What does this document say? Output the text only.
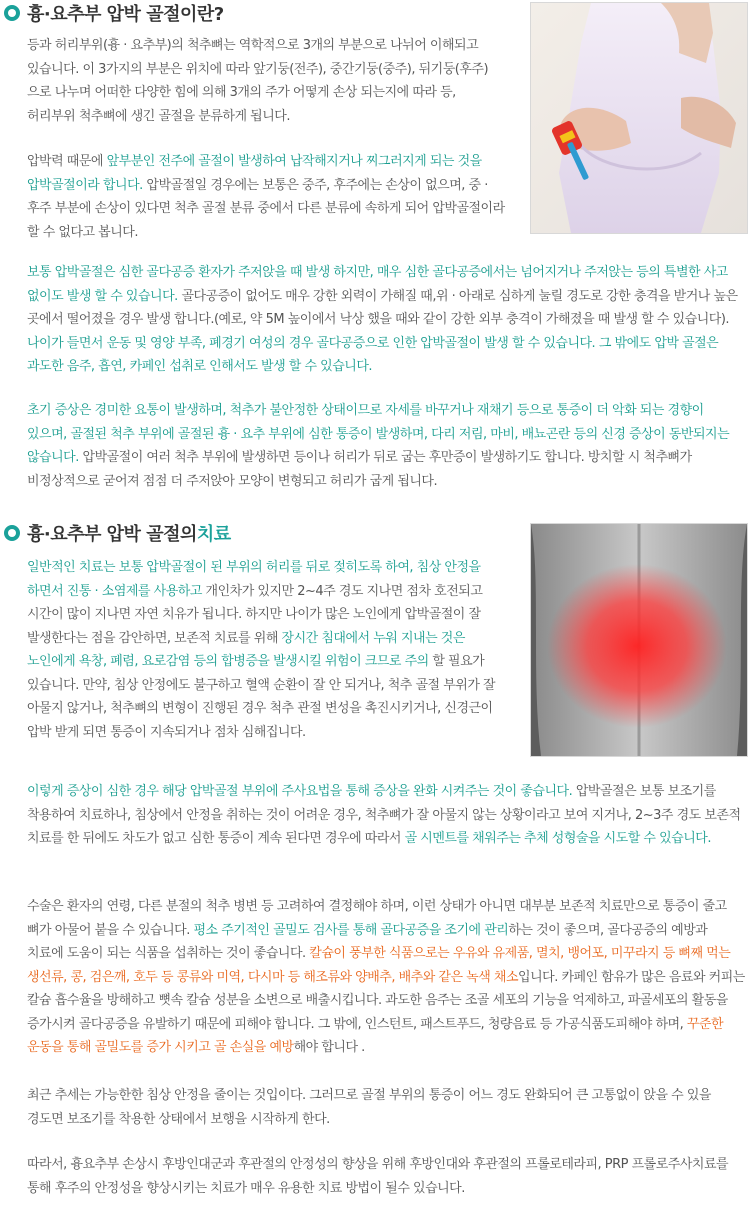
흉·요추부 압박 골절이란?

등과 허리부위(흉 · 요추부)의 척추뼈는 역학적으로 3개의 부분으로 나뉘어 이해되고 있습니다. 이 3가지의 부분은 위치에 따라 앞기둥(전주), 중간기둥(중주), 뒤기둥(후주)으로 나누며 어떠한 다양한 힘에 의해 3개의 주가 어떻게 손상 되는지에 따라 등, 허리부위 척추뼈에 생긴 골절을 분류하게 됩니다.

압박력 때문에 앞부분인 전주에 골절이 발생하여 납작해지거나 찌그러지게 되는 것을 압박골절이라 합니다. 압박골절일 경우에는 보통은 중주, 후주에는 손상이 없으며, 중 · 후주 부분에 손상이 있다면 척추 골절 분류 중에서 다른 분류에 속하게 되어 압박골절이라 할 수 없다고 봅니다.

보통 압박골절은 심한 골다공증 환자가 주저앉을 때 발생 하지만, 매우 심한 골다공증에서는 넘어지거나 주저앉는 등의 특별한 사고 없이도 발생 할 수 있습니다. 골다공증이 없어도 매우 강한 외력이 가해질 때,위 · 아래로 심하게 눌릴 경도로 강한 충격을 받거나 높은 곳에서 떨어졌을 경우 발생 합니다.(예로, 약 5M 높이에서 낙상 했을 때와 같이 강한 외부 충격이 가해졌을 때 발생 할 수 있습니다). 나이가 들면서 운동 및 영양 부족, 폐경기 여성의 경우 골다공증으로 인한 압박골절이 발생 할 수 있습니다. 그 밖에도 압박 골절은 과도한 음주, 흡연, 카페인 섭취로 인해서도 발생 할 수 있습니다.

초기 증상은 경미한 요통이 발생하며, 척추가 불안정한 상태이므로 자세를 바꾸거나 재채기 등으로 통증이 더 악화 되는 경향이 있으며, 골절된 척추 부위에 골절된 흉 · 요추 부위에 심한 통증이 발생하며, 다리 저림, 마비, 배뇨곤란 등의 신경 증상이 동반되지는 않습니다. 압박골절이 여러 척추 부위에 발생하면 등이나 허리가 뒤로 굽는 후만증이 발생하기도 합니다. 방치할 시 척추뼈가 비정상적으로 굳어져 점점 더 주저앉아 모양이 변형되고 허리가 굽게 됩니다.

흉·요추부 압박 골절의 치료

일반적인 치료는 보통 압박골절이 된 부위의 허리를 뒤로 젖히도록 하여, 침상 안정을 하면서 진통 · 소염제를 사용하고 개인차가 있지만 2~4주 경도 지나면 점차 호전되고 시간이 많이 지나면 자연 치유가 됩니다. 하지만 나이가 많은 노인에게 압박골절이 잘 발생한다는 점을 감안하면, 보존적 치료를 위해 장시간 침대에서 누워 지내는 것은 노인에게 욕창, 폐렴, 요로감염 등의 합병증을 발생시킬 위험이 크므로 주의 할 필요가 있습니다. 만약, 침상 안정에도 불구하고 혈액 순환이 잘 안 되거나, 척추 골절 부위가 잘 아물지 않거나, 척추뼈의 변형이 진행된 경우 척추 관절 변성을 촉진시키거나, 신경근이 압박 받게 되면 통증이 지속되거나 점차 심해집니다.

이렇게 증상이 심한 경우 해당 압박골절 부위에 주사요법을 통해 증상을 완화 시켜주는 것이 좋습니다. 압박골절은 보통 보조기를 착용하여 치료하나, 침상에서 안정을 취하는 것이 어려운 경우, 척추뼈가 잘 아물지 않는 상황이라고 보여 지거나, 2~3주 경도 보존적 치료를 한 뒤에도 차도가 없고 심한 통증이 계속 된다면 경우에 따라서 골 시멘트를 채워주는 추체 성형술을 시도할 수 있습니다.

수술은 환자의 연령, 다른 분절의 척추 병변 등 고려하여 결정해야 하며, 이런 상태가 아니면 대부분 보존적 치료만으로 통증이 줄고 뼈가 아물어 붙을 수 있습니다. 평소 주기적인 골밀도 검사를 통해 골다공증을 조기에 관리하는 것이 좋으며, 골다공증의 예방과 치료에 도움이 되는 식품을 섭취하는 것이 좋습니다. 칼슘이 풍부한 식품으로는 우유와 유제품, 멸치, 뱅어포, 미꾸라지 등 뼈째 먹는 생선류, 콩, 검은깨, 호두 등 콩류와 미역, 다시마 등 해조류와 양배추, 배추와 같은 녹색 채소입니다. 카페인 함유가 많은 음료와 커피는 칼슘 흡수율을 방해하고 뼛속 칼슘 성분을 소변으로 배출시킵니다. 과도한 음주는 조골 세포의 기능을 억제하고, 파골세포의 활동을 증가시켜 골다공증을 유발하기 때문에 피해야 합니다. 그 밖에, 인스턴트, 패스트푸드, 청량음료 등 가공식품도피해야 하며, 꾸준한 운동을 통해 골밀도를 증가 시키고 골 손실을 예방해야 합니다 .

최근 추세는 가능한한 침상 안정을 줄이는 것입이다. 그러므로 골절 부위의 통증이 어느 경도 완화되어 큰 고통없이 앉을 수 있을 경도면 보조기를 착용한 상태에서 보행을 시작하게 한다.

따라서, 흉요추부 손상시 후방인대군과 후관절의 안정성의 향상을 위해 후방인대와 후관절의 프롤로테라피, PRP 프롤로주사치료를 통해 후주의 안정성을 향상시키는 치료가 매우 유용한 치료 방법이 될수 있습니다.
